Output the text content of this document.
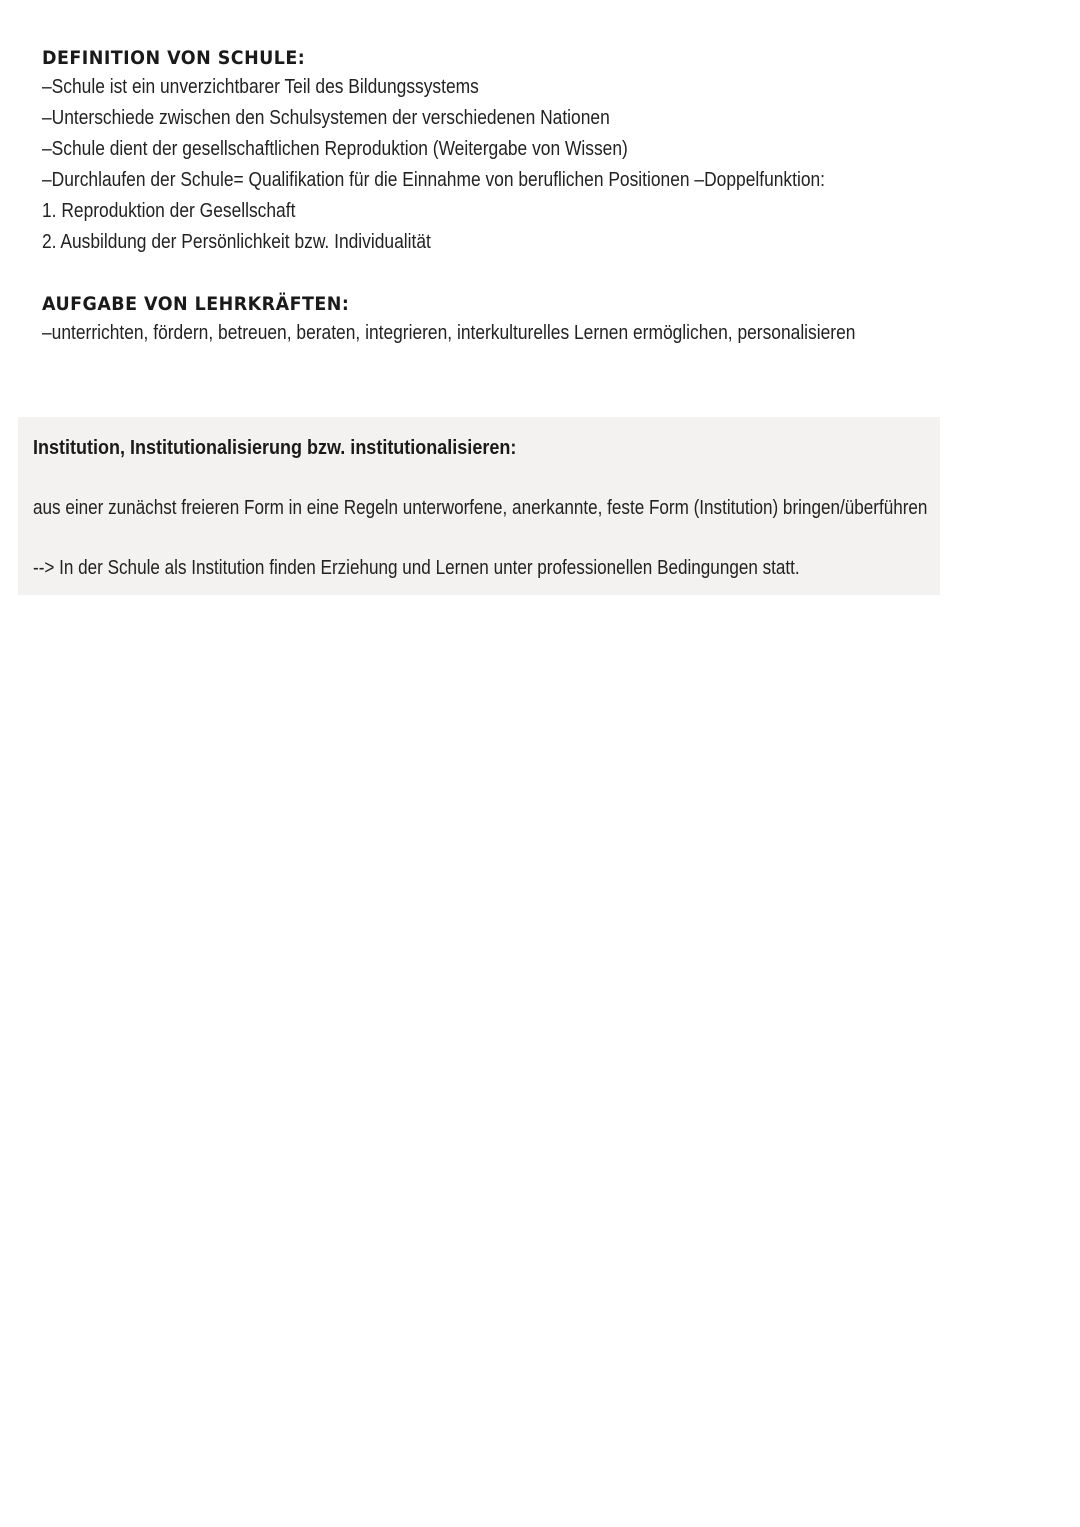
DEFINITION VON SCHULE:
–Schule ist ein unverzichtbarer Teil des Bildungssystems
–Unterschiede zwischen den Schulsystemen der verschiedenen Nationen
–Schule dient der gesellschaftlichen Reproduktion (Weitergabe von Wissen)
–Durchlaufen der Schule= Qualifikation für die Einnahme von beruflichen Positionen –Doppelfunktion:
1. Reproduktion der Gesellschaft
2. Ausbildung der Persönlichkeit bzw. Individualität
AUFGABE VON LEHRKRÄFTEN:
–unterrichten, fördern, betreuen, beraten, integrieren, interkulturelles Lernen ermöglichen, personalisieren
Institution, Institutionalisierung bzw. institutionalisieren:
aus einer zunächst freieren Form in eine Regeln unterworfene, anerkannte, feste Form (Institution) bringen/überführen
--> In der Schule als Institution finden Erziehung und Lernen unter professionellen Bedingungen statt.
